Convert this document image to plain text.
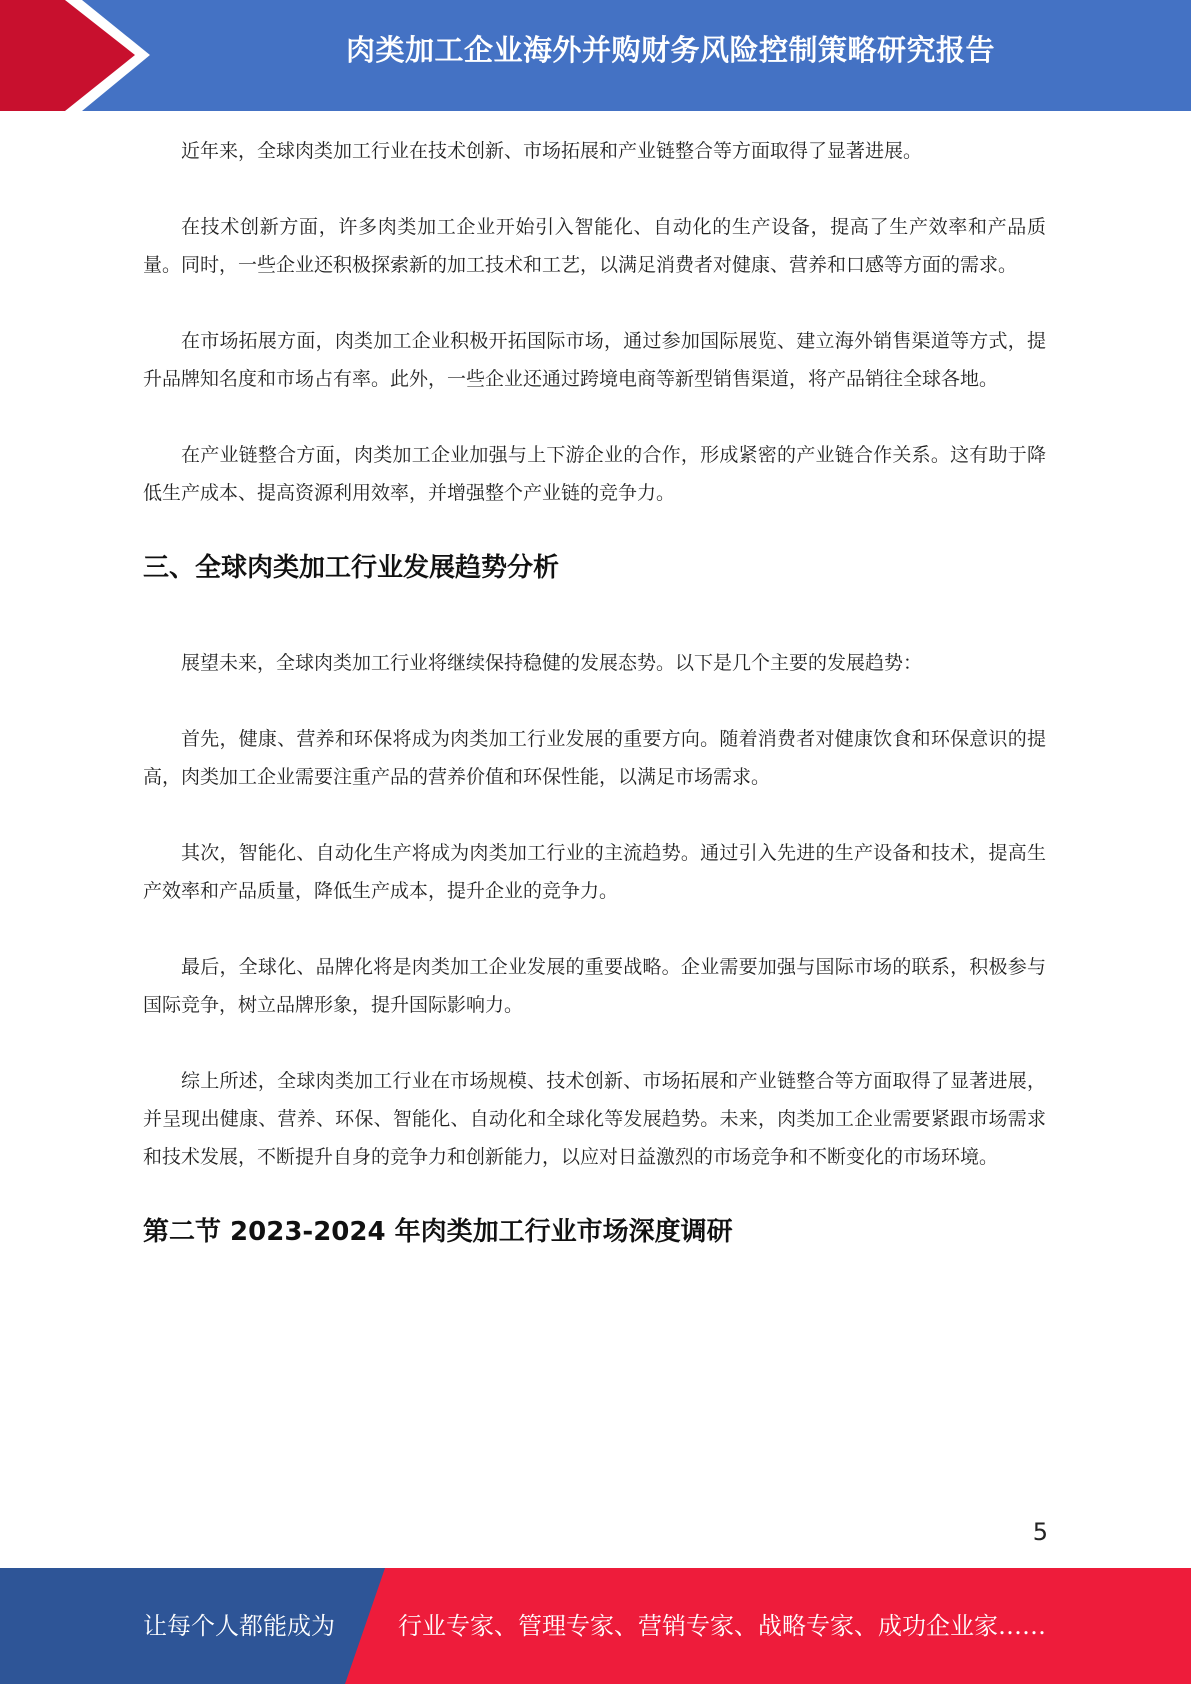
肉类加工企业海外并购财务风险控制策略研究报告

近年来，全球肉类加工行业在技术创新、市场拓展和产业链整合等方面取得了显著进展。

在技术创新方面，许多肉类加工企业开始引入智能化、自动化的生产设备，提高了生产效率和产品质量。同时，一些企业还积极探索新的加工技术和工艺，以满足消费者对健康、营养和口感等方面的需求。

在市场拓展方面，肉类加工企业积极开拓国际市场，通过参加国际展览、建立海外销售渠道等方式，提升品牌知名度和市场占有率。此外，一些企业还通过跨境电商等新型销售渠道，将产品销往全球各地。

在产业链整合方面，肉类加工企业加强与上下游企业的合作，形成紧密的产业链合作关系。这有助于降低生产成本、提高资源利用效率，并增强整个产业链的竞争力。

三、全球肉类加工行业发展趋势分析

展望未来，全球肉类加工行业将继续保持稳健的发展态势。以下是几个主要的发展趋势：

首先，健康、营养和环保将成为肉类加工行业发展的重要方向。随着消费者对健康饮食和环保意识的提高，肉类加工企业需要注重产品的营养价值和环保性能，以满足市场需求。

其次，智能化、自动化生产将成为肉类加工行业的主流趋势。通过引入先进的生产设备和技术，提高生产效率和产品质量，降低生产成本，提升企业的竞争力。

最后，全球化、品牌化将是肉类加工企业发展的重要战略。企业需要加强与国际市场的联系，积极参与国际竞争，树立品牌形象，提升国际影响力。

综上所述，全球肉类加工行业在市场规模、技术创新、市场拓展和产业链整合等方面取得了显著进展，并呈现出健康、营养、环保、智能化、自动化和全球化等发展趋势。未来，肉类加工企业需要紧跟市场需求和技术发展，不断提升自身的竞争力和创新能力，以应对日益激烈的市场竞争和不断变化的市场环境。

第二节 2023-2024 年肉类加工行业市场深度调研
5
让每个人都能成为	行业专家、管理专家、营销专家、战略专家、成功企业家……
